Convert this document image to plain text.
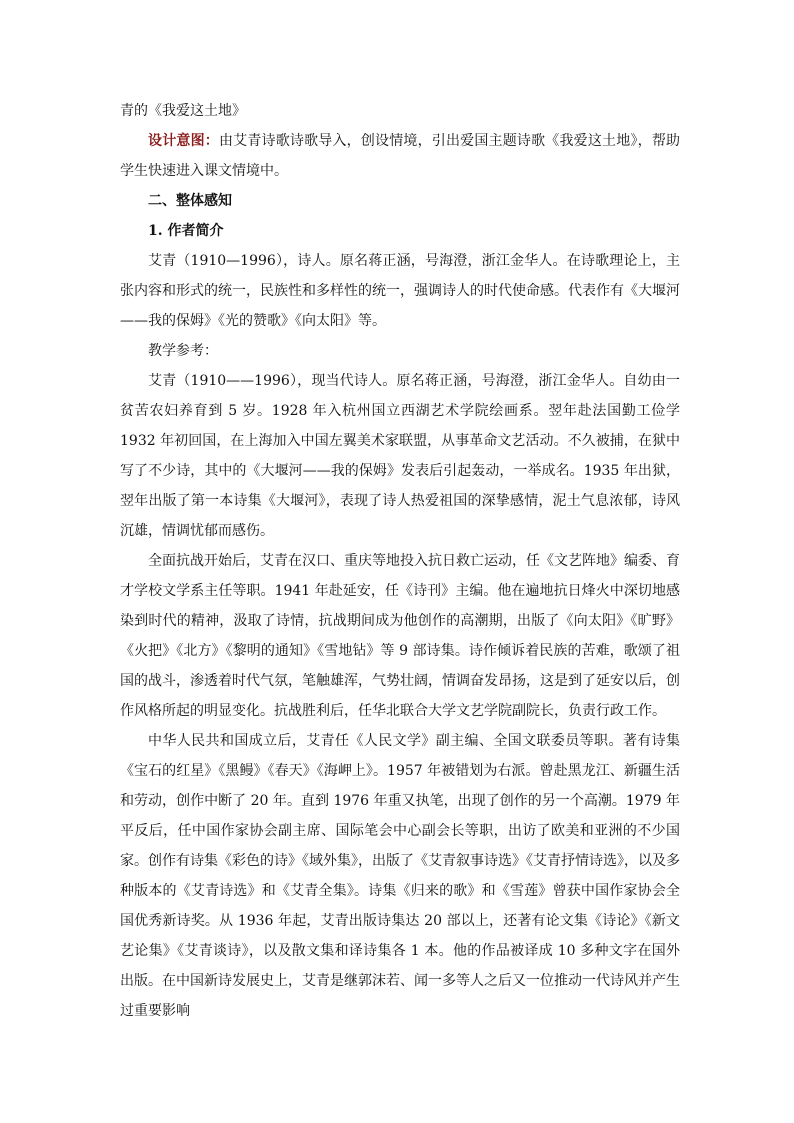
青的《我爱这土地》

设计意图：由艾青诗歌诗歌导入，创设情境，引出爱国主题诗歌《我爱这土地》，帮助学生快速进入课文情境中。

二、整体感知

1. 作者简介

艾青（1910—1996），诗人。原名蒋正涵，号海澄，浙江金华人。在诗歌理论上，主张内容和形式的统一，民族性和多样性的统一，强调诗人的时代使命感。代表作有《大堰河——我的保姆》《光的赞歌》《向太阳》等。

教学参考：

艾青（1910——1996），现当代诗人。原名蒋正涵，号海澄，浙江金华人。自幼由一贫苦农妇养育到 5 岁。1928 年入杭州国立西湖艺术学院绘画系。翌年赴法国勤工俭学 1932 年初回国，在上海加入中国左翼美术家联盟，从事革命文艺活动。不久被捕，在狱中写了不少诗，其中的《大堰河——我的保姆》发表后引起轰动，一举成名。1935 年出狱，翌年出版了第一本诗集《大堰河》，表现了诗人热爱祖国的深挚感情，泥土气息浓郁，诗风沉雄，情调忧郁而感伤。

全面抗战开始后，艾青在汉口、重庆等地投入抗日救亡运动，任《文艺阵地》编委、育才学校文学系主任等职。1941 年赴延安，任《诗刊》主编。他在遍地抗日烽火中深切地感染到时代的精神，汲取了诗情，抗战期间成为他创作的高潮期，出版了《向太阳》《旷野》《火把》《北方》《黎明的通知》《雪地钻》等 9 部诗集。诗作倾诉着民族的苦难，歌颂了祖国的战斗，渗透着时代气氛，笔触雄浑，气势壮阔，情调奋发昂扬，这是到了延安以后，创作风格所起的明显变化。抗战胜利后，任华北联合大学文艺学院副院长，负责行政工作。

中华人民共和国成立后，艾青任《人民文学》副主编、全国文联委员等职。著有诗集《宝石的红星》《黑鳗》《春天》《海岬上》。1957 年被错划为右派。曾赴黑龙江、新疆生活和劳动，创作中断了 20 年。直到 1976 年重又执笔，出现了创作的另一个高潮。1979 年平反后，任中国作家协会副主席、国际笔会中心副会长等职，出访了欧美和亚洲的不少国家。创作有诗集《彩色的诗》《域外集》，出版了《艾青叙事诗选》《艾青抒情诗选》，以及多种版本的《艾青诗选》和《艾青全集》。诗集《归来的歌》和《雪莲》曾获中国作家协会全国优秀新诗奖。从 1936 年起，艾青出版诗集达 20 部以上，还著有论文集《诗论》《新文艺论集》《艾青谈诗》，以及散文集和译诗集各 1 本。他的作品被译成 10 多种文字在国外出版。在中国新诗发展史上，艾青是继郭沫若、闻一多等人之后又一位推动一代诗风并产生过重要影响
